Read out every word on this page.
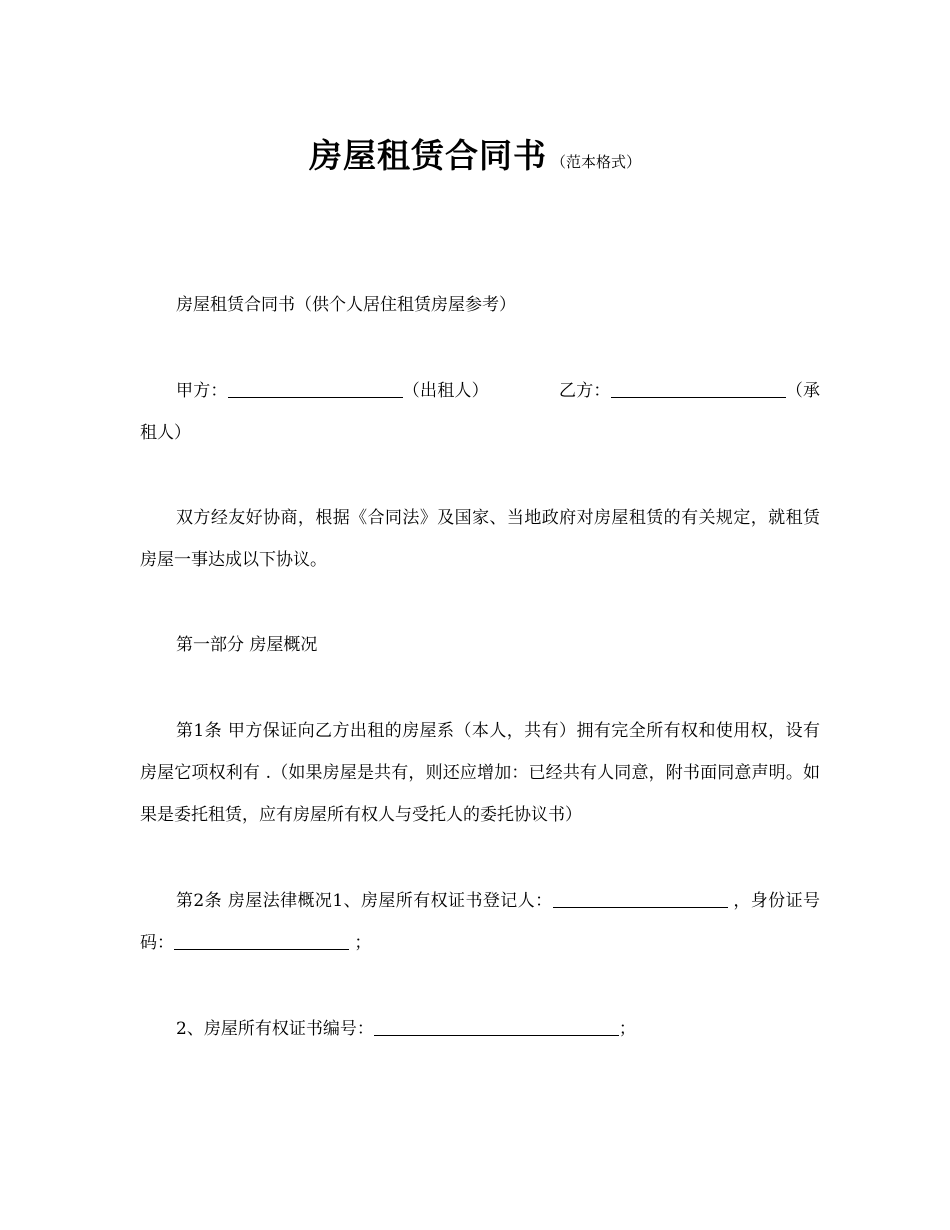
房屋租赁合同书 （范本格式）

房屋租赁合同书（供个人居住租赁房屋参考）

甲方：	（出租人）	乙方：	（承租人）

双方经友好协商，根据《合同法》及国家、当地政府对房屋租赁的有关规定，就租赁房屋一事达成以下协议。

第一部分 房屋概况

第1条 甲方保证向乙方出租的房屋系（本人，共有）拥有完全所有权和使用权，设有房屋它项权利有 .（如果房屋是共有，则还应增加：已经共有人同意，附书面同意声明。如果是委托租赁，应有房屋所有权人与受托人的委托协议书）

第2条 房屋法律概况1、房屋所有权证书登记人：	，身份证号码：	；

2、房屋所有权证书编号：	；
